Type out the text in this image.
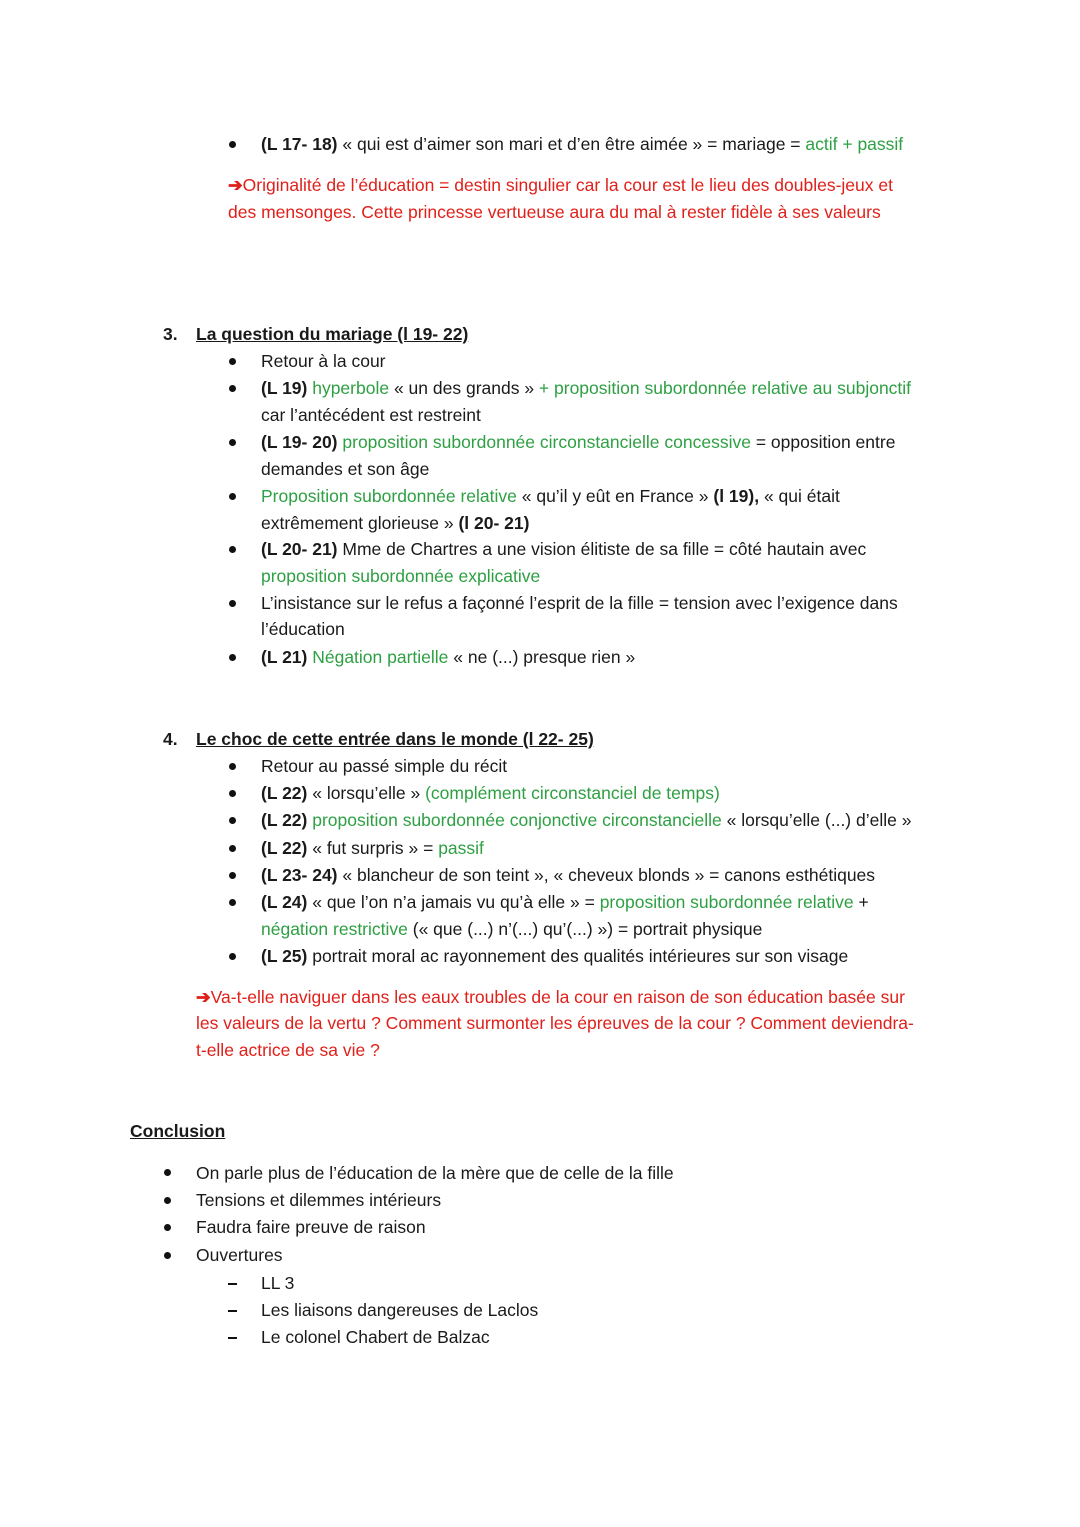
(L 17- 18) « qui est d’aimer son mari et d’en être aimée » = mariage = actif + passif
➔Originalité de l’éducation = destin singulier car la cour est le lieu des doubles-jeux et
des mensonges. Cette princesse vertueuse aura du mal à rester fidèle à ses valeurs
3. La question du mariage (l 19- 22)
Retour à la cour
(L 19) hyperbole « un des grands » + proposition subordonnée relative au subjonctif
car l’antécédent est restreint
(L 19- 20) proposition subordonnée circonstancielle concessive = opposition entre
demandes et son âge
Proposition subordonnée relative « qu’il y eût en France » (l 19), « qui était
extrêmement glorieuse » (l 20- 21)
(L 20- 21) Mme de Chartres a une vision élitiste de sa fille = côté hautain avec
proposition subordonnée explicative
L’insistance sur le refus a façonné l’esprit de la fille = tension avec l’exigence dans
l’éducation
(L 21) Négation partielle « ne (...) presque rien »
4. Le choc de cette entrée dans le monde (l 22- 25)
Retour au passé simple du récit
(L 22) « lorsqu’elle » (complément circonstanciel de temps)
(L 22) proposition subordonnée conjonctive circonstancielle « lorsqu’elle (...) d’elle »
(L 22) « fut surpris » = passif
(L 23- 24) « blancheur de son teint », « cheveux blonds » = canons esthétiques
(L 24) « que l’on n’a jamais vu qu’à elle » = proposition subordonnée relative +
négation restrictive (« que (...) n’(...) qu’(...) ») = portrait physique
(L 25) portrait moral ac rayonnement des qualités intérieures sur son visage
➔Va-t-elle naviguer dans les eaux troubles de la cour en raison de son éducation basée sur
les valeurs de la vertu ? Comment surmonter les épreuves de la cour ? Comment deviendra-
t-elle actrice de sa vie ?
Conclusion
On parle plus de l’éducation de la mère que de celle de la fille
Tensions et dilemmes intérieurs
Faudra faire preuve de raison
Ouvertures
LL 3
Les liaisons dangereuses de Laclos
Le colonel Chabert de Balzac
